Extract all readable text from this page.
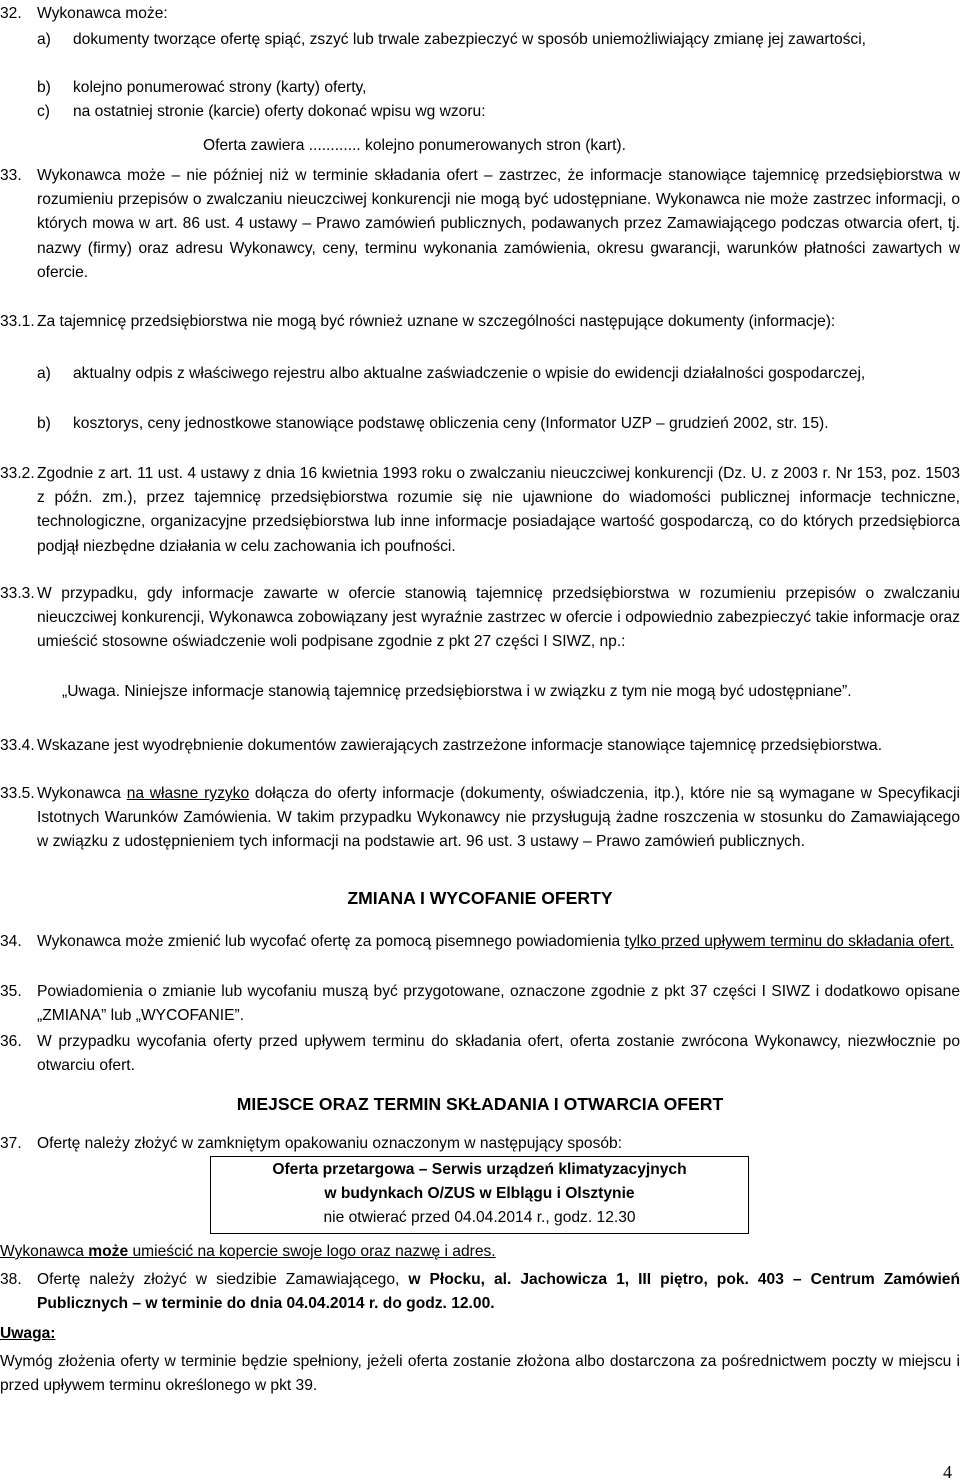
32. Wykonawca może:
a)	dokumenty tworzące ofertę spiąć, zszyć lub trwale zabezpieczyć w sposób uniemożliwiający zmianę jej zawartości,
b)	kolejno ponumerować strony (karty) oferty,
c)	na ostatniej stronie (karcie) oferty dokonać wpisu wg wzoru:
Oferta zawiera ............ kolejno ponumerowanych stron (kart).
33. Wykonawca może – nie później niż w terminie składania ofert – zastrzec, że informacje stanowiące tajemnicę przedsiębiorstwa w rozumieniu przepisów o zwalczaniu nieuczciwej konkurencji nie mogą być udostępniane. Wykonawca nie może zastrzec informacji, o których mowa w art. 86 ust. 4 ustawy – Prawo zamówień publicznych, podawanych przez Zamawiającego podczas otwarcia ofert, tj. nazwy (firmy) oraz adresu Wykonawcy, ceny, terminu wykonania zamówienia, okresu gwarancji, warunków płatności zawartych w ofercie.
33.1. Za tajemnicę przedsiębiorstwa nie mogą być również uznane w szczególności następujące dokumenty (informacje):
a)	aktualny odpis z właściwego rejestru albo aktualne zaświadczenie o wpisie do ewidencji działalności gospodarczej,
b)	kosztorys, ceny jednostkowe stanowiące podstawę obliczenia ceny (Informator UZP – grudzień 2002, str. 15).
33.2. Zgodnie z art. 11 ust. 4 ustawy z dnia 16 kwietnia 1993 roku o zwalczaniu nieuczciwej konkurencji (Dz. U. z 2003 r. Nr 153, poz. 1503 z późn. zm.), przez tajemnicę przedsiębiorstwa rozumie się nie ujawnione do wiadomości publicznej informacje techniczne, technologiczne, organizacyjne przedsiębiorstwa lub inne informacje posiadające wartość gospodarczą, co do których przedsiębiorca podjął niezbędne działania w celu zachowania ich poufności.
33.3. W przypadku, gdy informacje zawarte w ofercie stanowią tajemnicę przedsiębiorstwa w rozumieniu przepisów o zwalczaniu nieuczciwej konkurencji, Wykonawca zobowiązany jest wyraźnie zastrzec w ofercie i odpowiednio zabezpieczyć takie informacje oraz umieścić stosowne oświadczenie woli podpisane zgodnie z pkt 27 części I SIWZ, np.:
„Uwaga. Niniejsze informacje stanowią tajemnicę przedsiębiorstwa i w związku z tym nie mogą być udostępniane”.
33.4. Wskazane jest wyodrębnienie dokumentów zawierających zastrzeżone informacje stanowiące tajemnicę przedsiębiorstwa.
33.5. Wykonawca na własne ryzyko dołącza do oferty informacje (dokumenty, oświadczenia, itp.), które nie są wymagane w Specyfikacji Istotnych Warunków Zamówienia. W takim przypadku Wykonawcy nie przysługują żadne roszczenia w stosunku do Zamawiającego w związku z udostępnieniem tych informacji na podstawie art. 96 ust. 3 ustawy – Prawo zamówień publicznych.
ZMIANA I WYCOFANIE OFERTY
34. Wykonawca może zmienić lub wycofać ofertę za pomocą pisemnego powiadomienia tylko przed upływem terminu do składania ofert.
35. Powiadomienia o zmianie lub wycofaniu muszą być przygotowane, oznaczone zgodnie z pkt 37 części I SIWZ i dodatkowo opisane „ZMIANA” lub „WYCOFANIE”.
36. W przypadku wycofania oferty przed upływem terminu do składania ofert, oferta zostanie zwrócona Wykonawcy, niezwłocznie po otwarciu ofert.
MIEJSCE ORAZ TERMIN SKŁADANIA I OTWARCIA OFERT
37. Ofertę należy złożyć w zamkniętym opakowaniu oznaczonym w następujący sposób:
Oferta przetargowa – Serwis urządzeń klimatyzacyjnych
w budynkach O/ZUS w Elblągu i Olsztynie
nie otwierać przed 04.04.2014 r., godz. 12.30
Wykonawca może umieścić na kopercie swoje logo oraz nazwę i adres.
38. Ofertę należy złożyć w siedzibie Zamawiającego, w Płocku, al. Jachowicza 1, III piętro, pok. 403 – Centrum Zamówień Publicznych – w terminie do dnia 04.04.2014 r. do godz. 12.00.
Uwaga:
Wymóg złożenia oferty w terminie będzie spełniony, jeżeli oferta zostanie złożona albo dostarczona za pośrednictwem poczty w miejscu i przed upływem terminu określonego w pkt 39.
4
